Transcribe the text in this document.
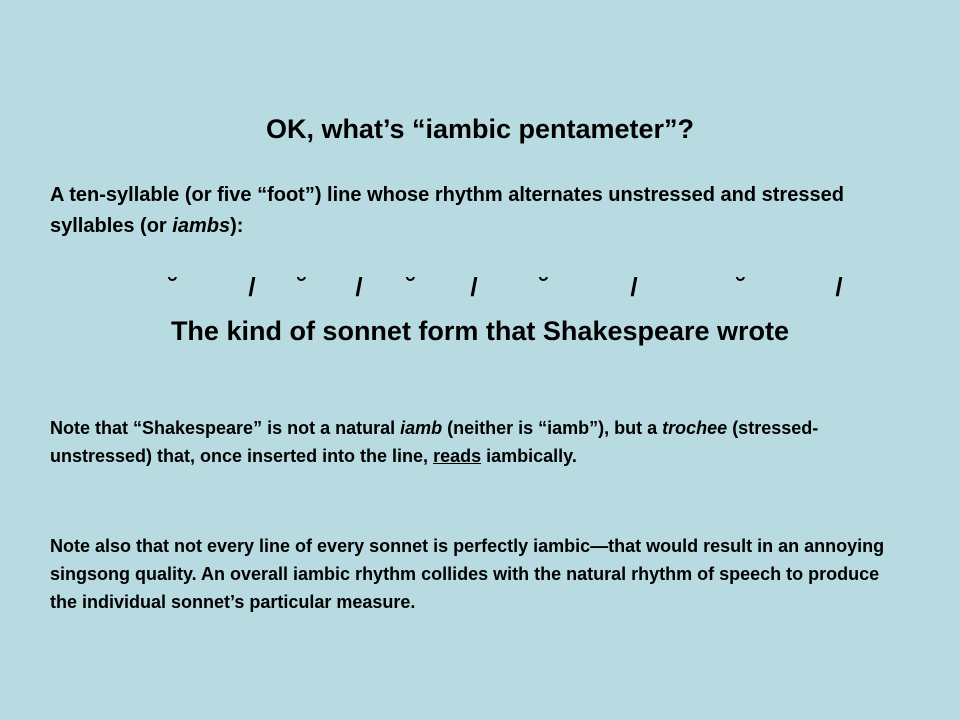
OK, what’s “iambic pentameter”?

A ten-syllable (or five “foot”) line whose rhythm alternates unstressed and stressed syllables (or iambs):

˘	/ ˘ / ˘ / ˘	/	˘	/

The kind of sonnet form that Shakespeare wrote

Note that “Shakespeare” is not a natural iamb (neither is “iamb”), but a trochee (stressed-unstressed) that, once inserted into the line, reads iambically.

Note also that not every line of every sonnet is perfectly iambic—that would result in an annoying singsong quality. An overall iambic rhythm collides with the natural rhythm of speech to produce the individual sonnet’s particular measure.
